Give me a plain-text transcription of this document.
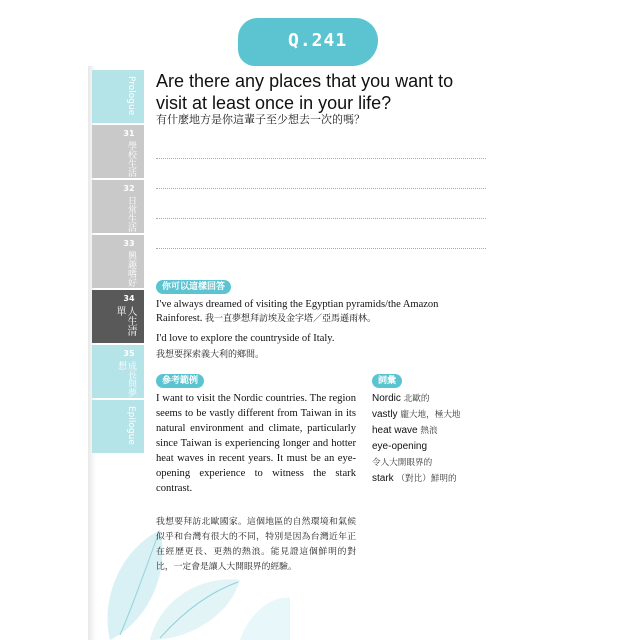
Q.241
Prologue
31
學校生活
32
日常生活
33
興趣嗜好
34
人生清單
35
成長與夢想
Epilogue
Are there any places that you want to visit at least once in your life?
有什麼地方是你這輩子至少想去一次的嗎？
你可以這樣回答
I've always dreamed of visiting the Egyptian pyramids/the Amazon Rainforest. 我一直夢想拜訪埃及金字塔／亞馬遜雨林。
I'd love to explore the countryside of Italy.
我想要探索義大利的鄉間。
參考範例
I want to visit the Nordic countries. The region seems to be vastly different from Taiwan in its natural environment and climate, particularly since Taiwan is experiencing longer and hotter heat waves in recent years. It must be an eye-opening experience to witness the stark contrast.
我想要拜訪北歐國家。這個地區的自然環境和氣候似乎和台灣有很大的不同，特別是因為台灣近年正在經歷更長、更熱的熱浪。能見證這個鮮明的對比，一定會是讓人大開眼界的經驗。
詞彙
Nordic 北歐的
vastly 龐大地，極大地
heat wave 熱浪
eye-opening
令人大開眼界的
stark （對比）鮮明的
